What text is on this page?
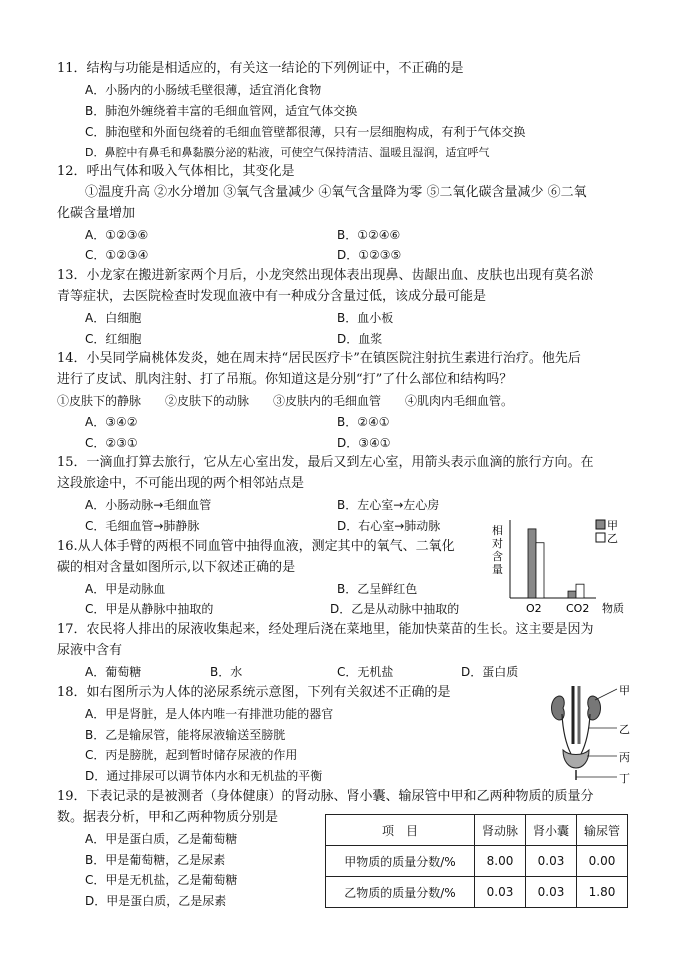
11．结构与功能是相适应的，有关这一结论的下列例证中，不正确的是
A．小肠内的小肠绒毛壁很薄，适宜消化食物
B．肺泡外缠绕着丰富的毛细血管网，适宜气体交换
C．肺泡壁和外面包绕着的毛细血管壁都很薄，只有一层细胞构成，有利于气体交换
D．鼻腔中有鼻毛和鼻黏膜分泌的粘液，可使空气保持清洁、温暖且湿润，适宜呼气
12．呼出气体和吸入气体相比，其变化是
①温度升高 ②水分增加 ③氧气含量减少 ④氧气含量降为零 ⑤二氧化碳含量减少 ⑥二氧
化碳含量增加
A．①②③⑥	B．①②④⑥
C．①②③④	D．①②③⑤
13．小龙家在搬进新家两个月后，小龙突然出现体表出现鼻、齿龈出血、皮肤也出现有莫名淤
青等症状，去医院检查时发现血液中有一种成分含量过低，该成分最可能是
A．白细胞	B．血小板
C．红细胞	D．血浆
14．小吴同学扁桃体发炎，她在周末持“居民医疗卡”在镇医院注射抗生素进行治疗。他先后
进行了皮试、肌肉注射、打了吊瓶。你知道这是分别“打”了什么部位和结构吗？
①皮肤下的静脉　　②皮肤下的动脉　　③皮肤内的毛细血管　　④肌肉内毛细血管。
A．③④②	B．②④①
C．②③①	D．③④①
15．一滴血打算去旅行，它从左心室出发，最后又到左心室，用箭头表示血滴的旅行方向。在
这段旅途中，不可能出现的两个相邻站点是
A．小肠动脉→毛细血管	B．左心室→左心房
C．毛细血管→肺静脉	D．右心室→肺动脉
16.从人体手臂的两根不同血管中抽得血液，测定其中的氧气、二氧化
碳的相对含量如图所示,以下叙述正确的是
A．甲是动脉血	B．乙呈鲜红色
C．甲是从静脉中抽取的	D．乙是从动脉中抽取的
相对含量
O2 CO2
甲
乙
物质
17．农民将人排出的尿液收集起来，经处理后浇在菜地里，能加快菜苗的生长。这主要是因为
尿液中含有
A．葡萄糖	B．水	C．无机盐	D．蛋白质
18．如右图所示为人体的泌尿系统示意图，下列有关叙述不正确的是
A．甲是肾脏，是人体内唯一有排泄功能的器官
B．乙是输尿管，能将尿液输送至膀胱
C．丙是膀胱，起到暂时储存尿液的作用
D．通过排尿可以调节体内水和无机盐的平衡
甲
乙
丙
丁
19．下表记录的是被测者（身体健康）的肾动脉、肾小囊、输尿管中甲和乙两种物质的质量分
数。据表分析，甲和乙两种物质分别是
A．甲是蛋白质，乙是葡萄糖
B．甲是葡萄糖，乙是尿素
C．甲是无机盐，乙是葡萄糖
D．甲是蛋白质，乙是尿素
项　目	肾动脉	肾小囊	输尿管
甲物质的质量分数/%	8.00	0.03	0.00
乙物质的质量分数/%	0.03	0.03	1.80
